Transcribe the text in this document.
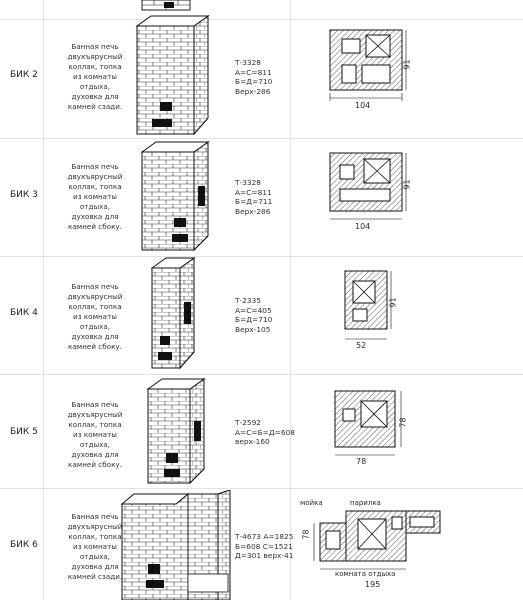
БИК 2
Банная печь
двухъярусный
коллак, топка
из комнаты
отдыха,
духовка для
камней сзади.
Т-3328
А=С=811
Б=Д=710
Верх-286
104
91
БИК 3
Банная печь
двухъярусный
коллак, топка
из комнаты
отдыха,
духовка для
камней сбоку.
Т-3328
А=С=811
Б=Д=711
Верх-286
104
91
БИК 4
Банная печь
двухъярусный
коллак, топка
из комнаты
отдыха,
духовка для
камней сбоку.
Т-2335
А=С=405
Б=Д=710
Верх-105
52
91
БИК 5
Банная печь
двухъярусный
коллак, топка
из комнаты
отдыха,
духовка для
камней сбоку.
Т-2592
А=С=Б=Д=608
верх-160
78
78
БИК 6
Банная печь
двухъярусный
коллак, топка
из комнаты
отдыха,
духовка для
камней сзади.
Т-4673 А=1825
Б=608 С=1521
Д=301 верх-41
мойка	парилка
комната отдыха
195
78
